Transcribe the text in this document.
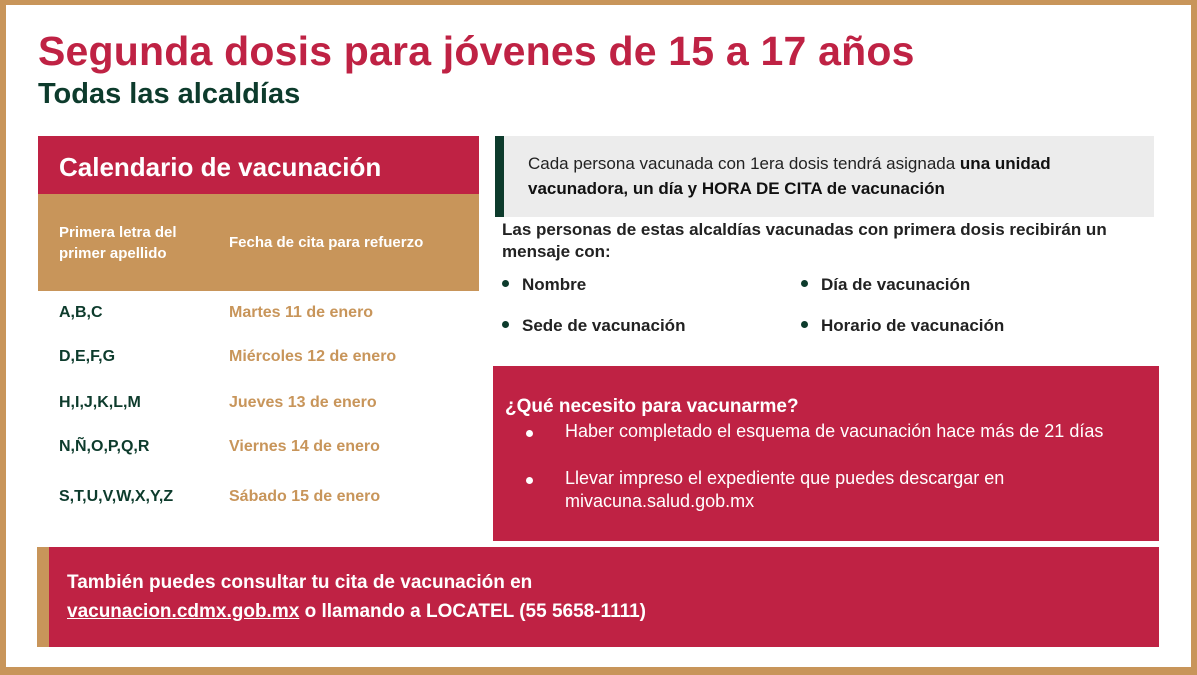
Segunda dosis para jóvenes de 15 a 17 años
Todas las alcaldías
Calendario de vacunación
Primera letra del primer apellido
Fecha de cita para refuerzo
A,B,C	Martes 11 de enero
D,E,F,G	Miércoles 12 de enero
H,I,J,K,L,M	Jueves 13 de enero
N,Ñ,O,P,Q,R	Viernes 14 de enero
S,T,U,V,W,X,Y,Z	Sábado 15 de enero
Cada persona vacunada con 1era dosis tendrá asignada una unidad vacunadora, un día y HORA DE CITA de vacunación
Las personas de estas alcaldías vacunadas con primera dosis recibirán un mensaje con:
Nombre	Día de vacunación
Sede de vacunación	Horario de vacunación
¿Qué necesito para vacunarme?
Haber completado el esquema de vacunación hace más de 21 días
Llevar impreso el expediente que puedes descargar en mivacuna.salud.gob.mx
También puedes consultar tu cita de vacunación en
vacunacion.cdmx.gob.mx o llamando a LOCATEL (55 5658-1111)
